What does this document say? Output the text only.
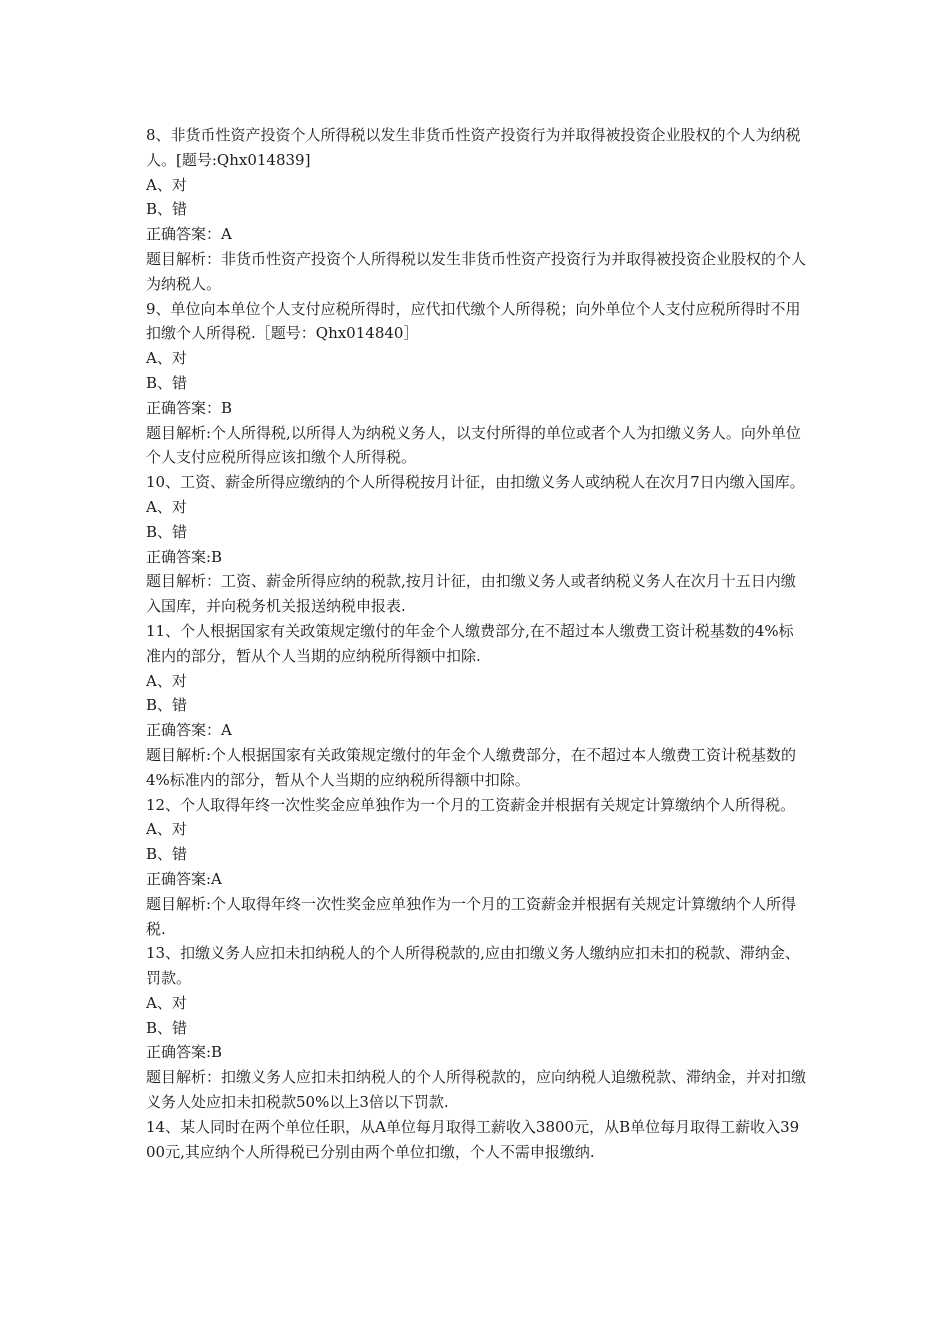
8、非货币性资产投资个人所得税以发生非货币性资产投资行为并取得被投资企业股权的个人为纳税人。[题号:Qhx014839]

A、对

B、错

正确答案：A

题目解析：非货币性资产投资个人所得税以发生非货币性资产投资行为并取得被投资企业股权的个人为纳税人。

9、单位向本单位个人支付应税所得时，应代扣代缴个人所得税；向外单位个人支付应税所得时不用扣缴个人所得税.［题号：Qhx014840］

A、对

B、错

正确答案：B

题目解析:个人所得税,以所得人为纳税义务人，以支付所得的单位或者个人为扣缴义务人。向外单位个人支付应税所得应该扣缴个人所得税。

10、工资、薪金所得应缴纳的个人所得税按月计征，由扣缴义务人或纳税人在次月7日内缴入国库。

A、对

B、错

正确答案:B

题目解析：工资、薪金所得应纳的税款,按月计征，由扣缴义务人或者纳税义务人在次月十五日内缴入国库，并向税务机关报送纳税申报表.

11、个人根据国家有关政策规定缴付的年金个人缴费部分,在不超过本人缴费工资计税基数的4%标准内的部分，暂从个人当期的应纳税所得额中扣除.

A、对

B、错

正确答案：A

题目解析:个人根据国家有关政策规定缴付的年金个人缴费部分，在不超过本人缴费工资计税基数的4%标准内的部分，暂从个人当期的应纳税所得额中扣除。

12、个人取得年终一次性奖金应单独作为一个月的工资薪金并根据有关规定计算缴纳个人所得税。

A、对

B、错

正确答案:A

题目解析:个人取得年终一次性奖金应单独作为一个月的工资薪金并根据有关规定计算缴纳个人所得税.

13、扣缴义务人应扣未扣纳税人的个人所得税款的,应由扣缴义务人缴纳应扣未扣的税款、滞纳金、罚款。

A、对

B、错

正确答案:B

题目解析：扣缴义务人应扣未扣纳税人的个人所得税款的，应向纳税人追缴税款、滞纳金，并对扣缴义务人处应扣未扣税款50%以上3倍以下罚款.

14、某人同时在两个单位任职，从A单位每月取得工薪收入3800元，从B单位每月取得工薪收入3900元,其应纳个人所得税已分别由两个单位扣缴，个人不需申报缴纳.
